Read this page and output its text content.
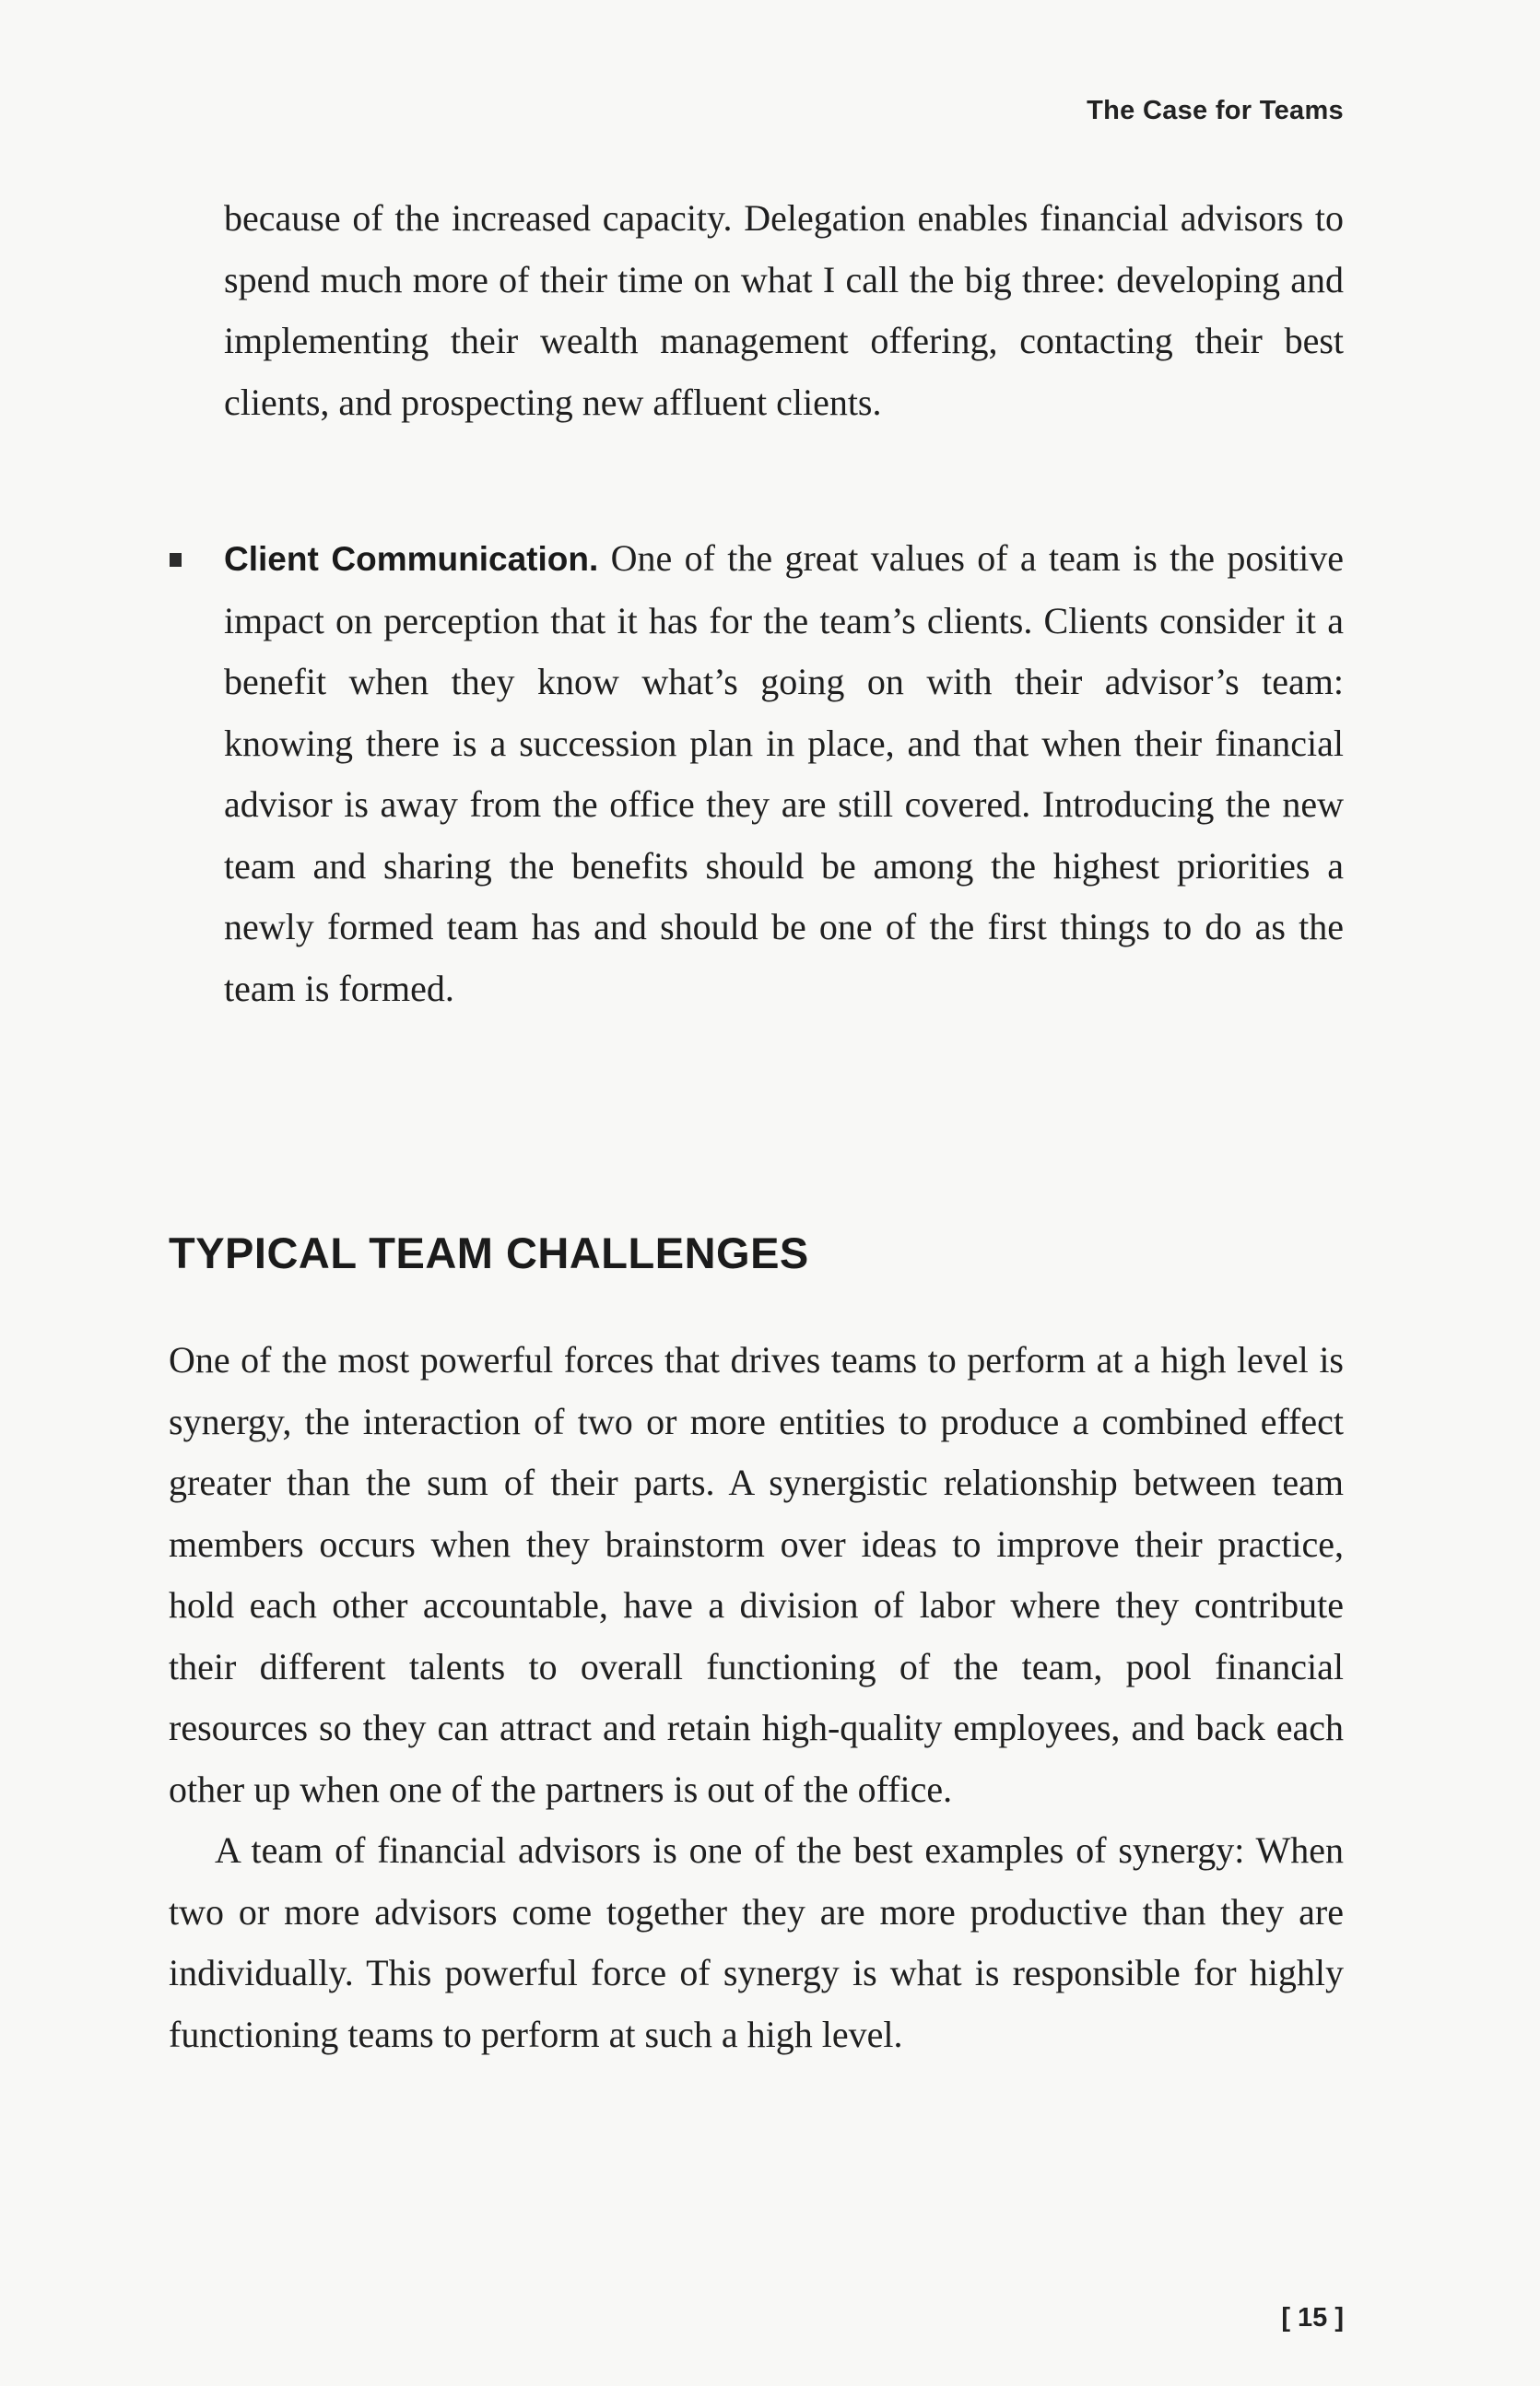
The Case for Teams

because of the increased capacity. Delegation enables financial advisors to spend much more of their time on what I call the big three: developing and implementing their wealth management offering, contacting their best clients, and prospecting new affluent clients.

Client Communication. One of the great values of a team is the positive impact on perception that it has for the team’s clients. Clients consider it a benefit when they know what’s going on with their advisor’s team: knowing there is a succession plan in place, and that when their financial advisor is away from the office they are still covered. Introducing the new team and sharing the benefits should be among the highest priorities a newly formed team has and should be one of the first things to do as the team is formed.

TYPICAL TEAM CHALLENGES

One of the most powerful forces that drives teams to perform at a high level is synergy, the interaction of two or more entities to produce a combined effect greater than the sum of their parts. A synergistic relationship between team members occurs when they brainstorm over ideas to improve their practice, hold each other accountable, have a division of labor where they contribute their different talents to overall functioning of the team, pool financial resources so they can attract and retain high-quality employees, and back each other up when one of the partners is out of the office.

A team of financial advisors is one of the best examples of synergy: When two or more advisors come together they are more productive than they are individually. This powerful force of synergy is what is responsible for highly functioning teams to perform at such a high level.

[ 15 ]
